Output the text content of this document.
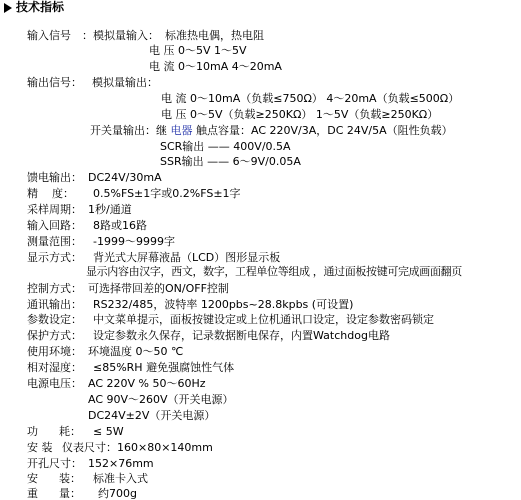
技术指标
输入信号 ：模拟量输入： 标准热电偶，热电阻
电 压 0～5V 1～5V
电 流 0～10mA 4～20mA
输出信号： 模拟量输出：
电 流 0～10mA（负载≤750Ω） 4～20mA（负载≤500Ω）
电 压 0～5V（负载≥250KΩ） 1～5V（负载≥250KΩ）
开关量输出：继 电器 触点容量：AC 220V/3A，DC 24V/5A（阻性负载）
SCR输出 —— 400V/0.5A
SSR输出 —— 6～9V/0.05A
馈电输出： DC24V/30mA
精    度： 0.5%FS±1字或0.2%FS±1字
采样周期： 1秒/通道
输入回路： 8路或16路
测量范围： -1999～9999字
显示方式： 背光式大屏幕液晶（LCD）图形显示板
显示内容由汉字，西文，数字，工程单位等组成 ，通过面板按键可完成画面翻页
控制方式： 可选择带回差的ON/OFF控制
通讯输出： RS232/485，波特率 1200pbs~28.8kpbs (可设置)
参数设定： 中文菜单提示，面板按键设定或上位机通讯口设定，设定参数密码锁定
保护方式： 设定参数永久保存，记录数据断电保存，内置Watchdog电路
使用环境： 环境温度 0～50 ℃
相对湿度： ≤85%RH 避免强腐蚀性气体
电源电压： AC 220V % 50～60Hz
AC 90V～260V（开关电源）
DC24V±2V（开关电源）
功      耗： ≤ 5W
安 装 仪表尺寸：160×80×140mm
开孔尺寸： 152×76mm
安      装： 标准卡入式
重      量： 约700g
